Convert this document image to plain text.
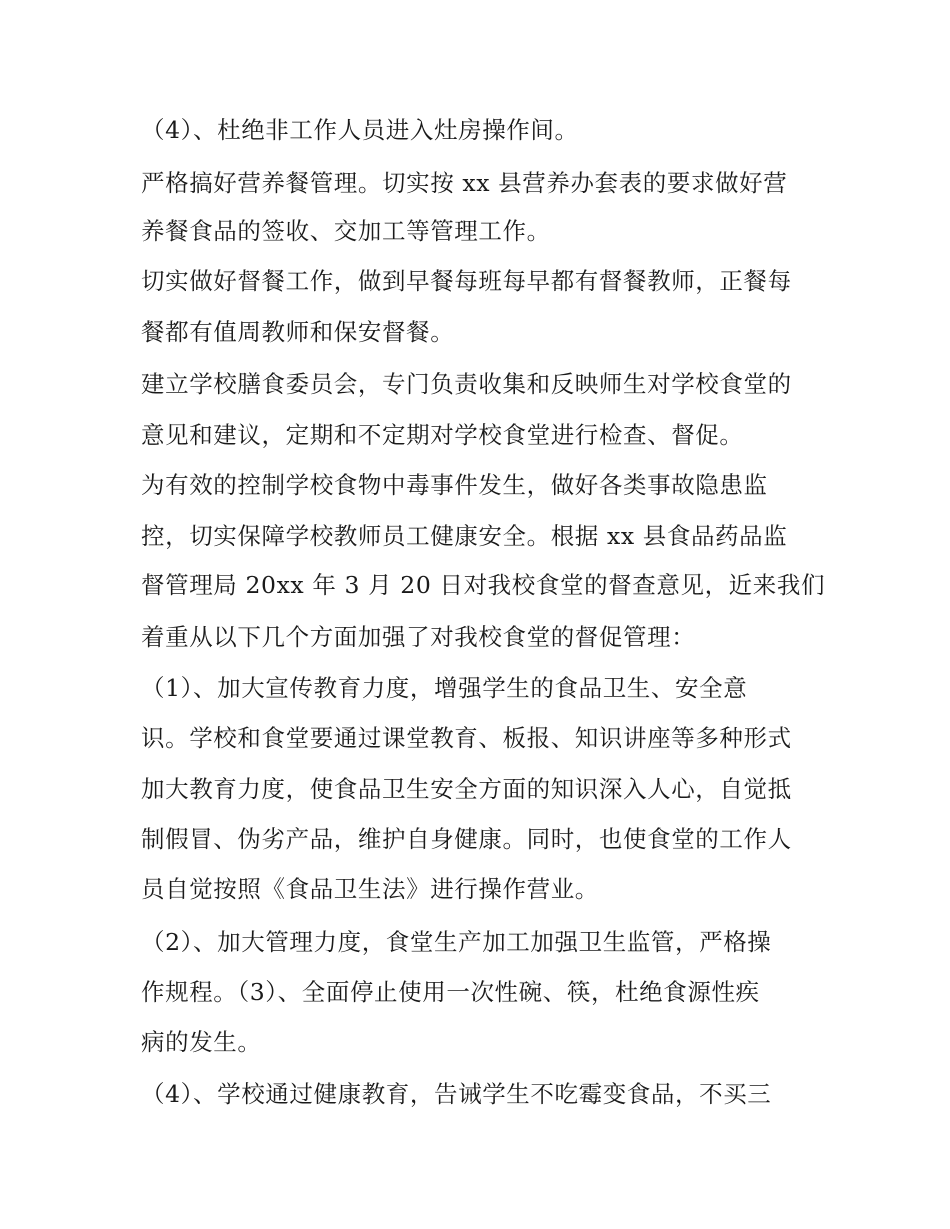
（4）、杜绝非工作人员进入灶房操作间。
严格搞好营养餐管理。切实按 xx 县营养办套表的要求做好营
养餐食品的签收、交加工等管理工作。
切实做好督餐工作，做到早餐每班每早都有督餐教师，正餐每
餐都有值周教师和保安督餐。
建立学校膳食委员会，专门负责收集和反映师生对学校食堂的
意见和建议，定期和不定期对学校食堂进行检查、督促。
为有效的控制学校食物中毒事件发生，做好各类事故隐患监
控，切实保障学校教师员工健康安全。根据 xx 县食品药品监
督管理局 20xx 年 3 月 20 日对我校食堂的督查意见，近来我们
着重从以下几个方面加强了对我校食堂的督促管理：
（1）、加大宣传教育力度，增强学生的食品卫生、安全意
识。学校和食堂要通过课堂教育、板报、知识讲座等多种形式
加大教育力度，使食品卫生安全方面的知识深入人心，自觉抵
制假冒、伪劣产品，维护自身健康。同时，也使食堂的工作人
员自觉按照《食品卫生法》进行操作营业。
（2）、加大管理力度，食堂生产加工加强卫生监管，严格操
作规程。（3）、全面停止使用一次性碗、筷，杜绝食源性疾
病的发生。
（4）、学校通过健康教育，告诫学生不吃霉变食品，不买三
